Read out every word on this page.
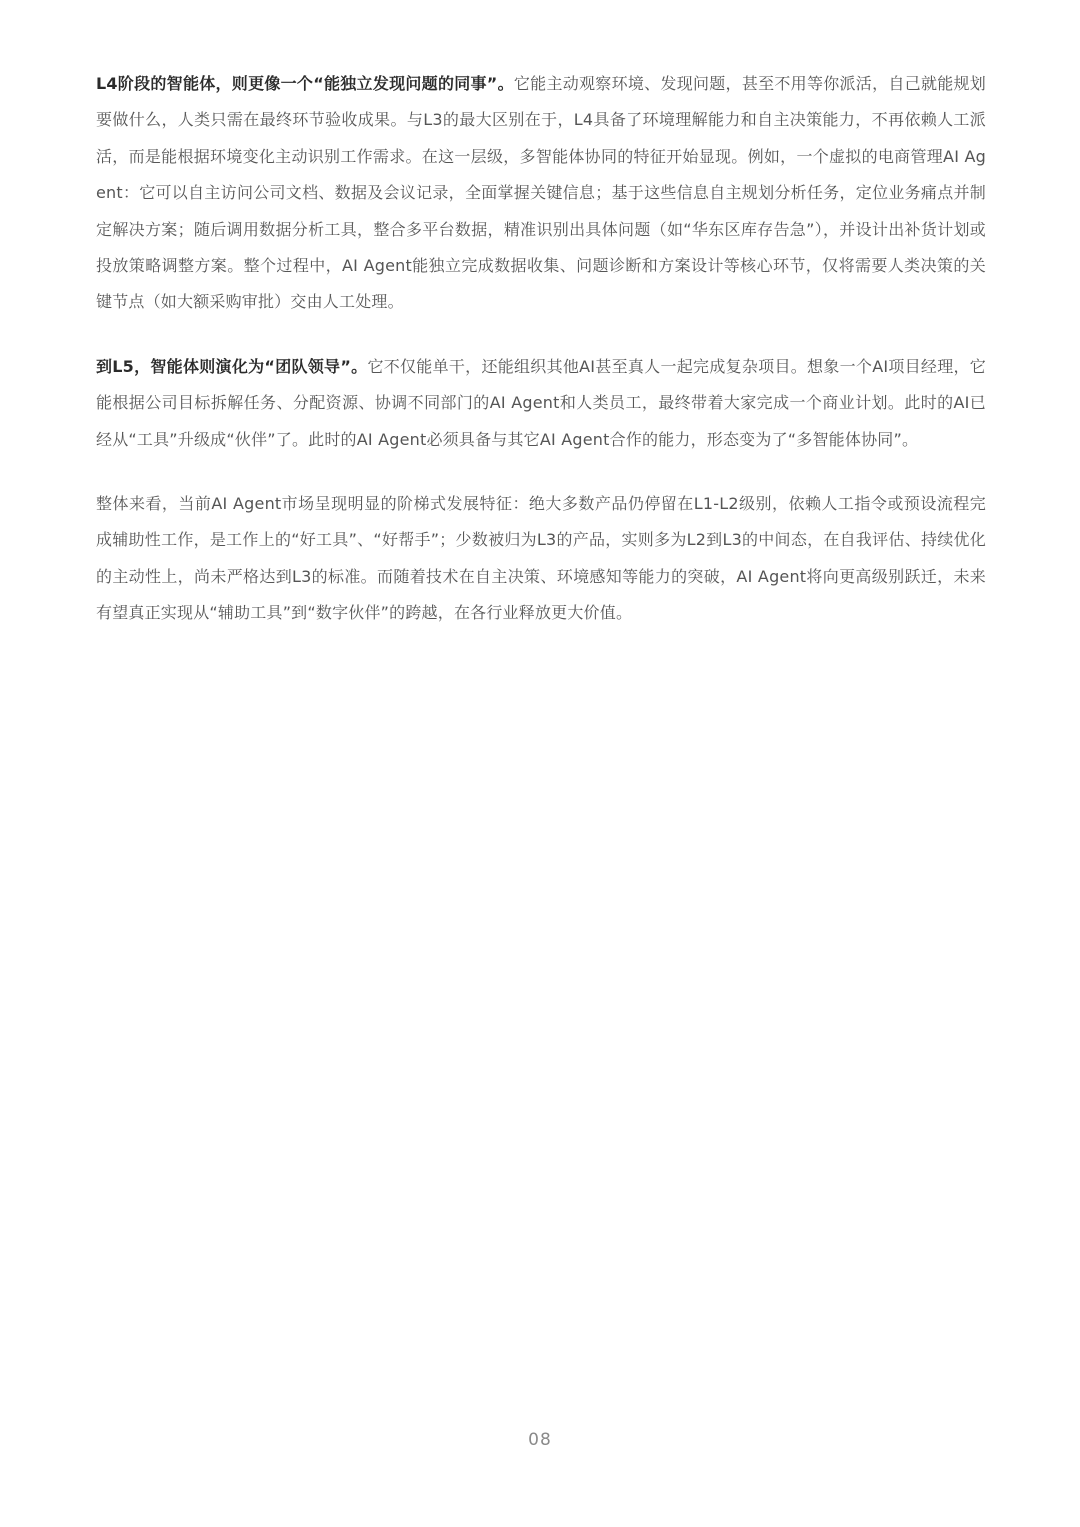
L4阶段的智能体，则更像一个“能独立发现问题的同事”。它能主动观察环境、发现问题，甚至不用等你派活，自己就能规划要做什么，人类只需在最终环节验收成果。与L3的最大区别在于，L4具备了环境理解能力和自主决策能力，不再依赖人工派活，而是能根据环境变化主动识别工作需求。在这一层级，多智能体协同的特征开始显现。例如，一个虚拟的电商管理AI Agent：它可以自主访问公司文档、数据及会议记录，全面掌握关键信息；基于这些信息自主规划分析任务，定位业务痛点并制定解决方案；随后调用数据分析工具，整合多平台数据，精准识别出具体问题（如“华东区库存告急”），并设计出补货计划或投放策略调整方案。整个过程中，AI Agent能独立完成数据收集、问题诊断和方案设计等核心环节，仅将需要人类决策的关键节点（如大额采购审批）交由人工处理。

到L5，智能体则演化为“团队领导”。它不仅能单干，还能组织其他AI甚至真人一起完成复杂项目。想象一个AI项目经理，它能根据公司目标拆解任务、分配资源、协调不同部门的AI Agent和人类员工，最终带着大家完成一个商业计划。此时的AI已经从“工具”升级成“伙伴”了。此时的AI Agent必须具备与其它AI Agent合作的能力，形态变为了“多智能体协同”。

整体来看，当前AI Agent市场呈现明显的阶梯式发展特征：绝大多数产品仍停留在L1-L2级别，依赖人工指令或预设流程完成辅助性工作，是工作上的“好工具”、“好帮手”；少数被归为L3的产品，实则多为L2到L3的中间态，在自我评估、持续优化的主动性上，尚未严格达到L3的标准。而随着技术在自主决策、环境感知等能力的突破，AI Agent将向更高级别跃迁，未来有望真正实现从“辅助工具”到“数字伙伴”的跨越，在各行业释放更大价值。

08
